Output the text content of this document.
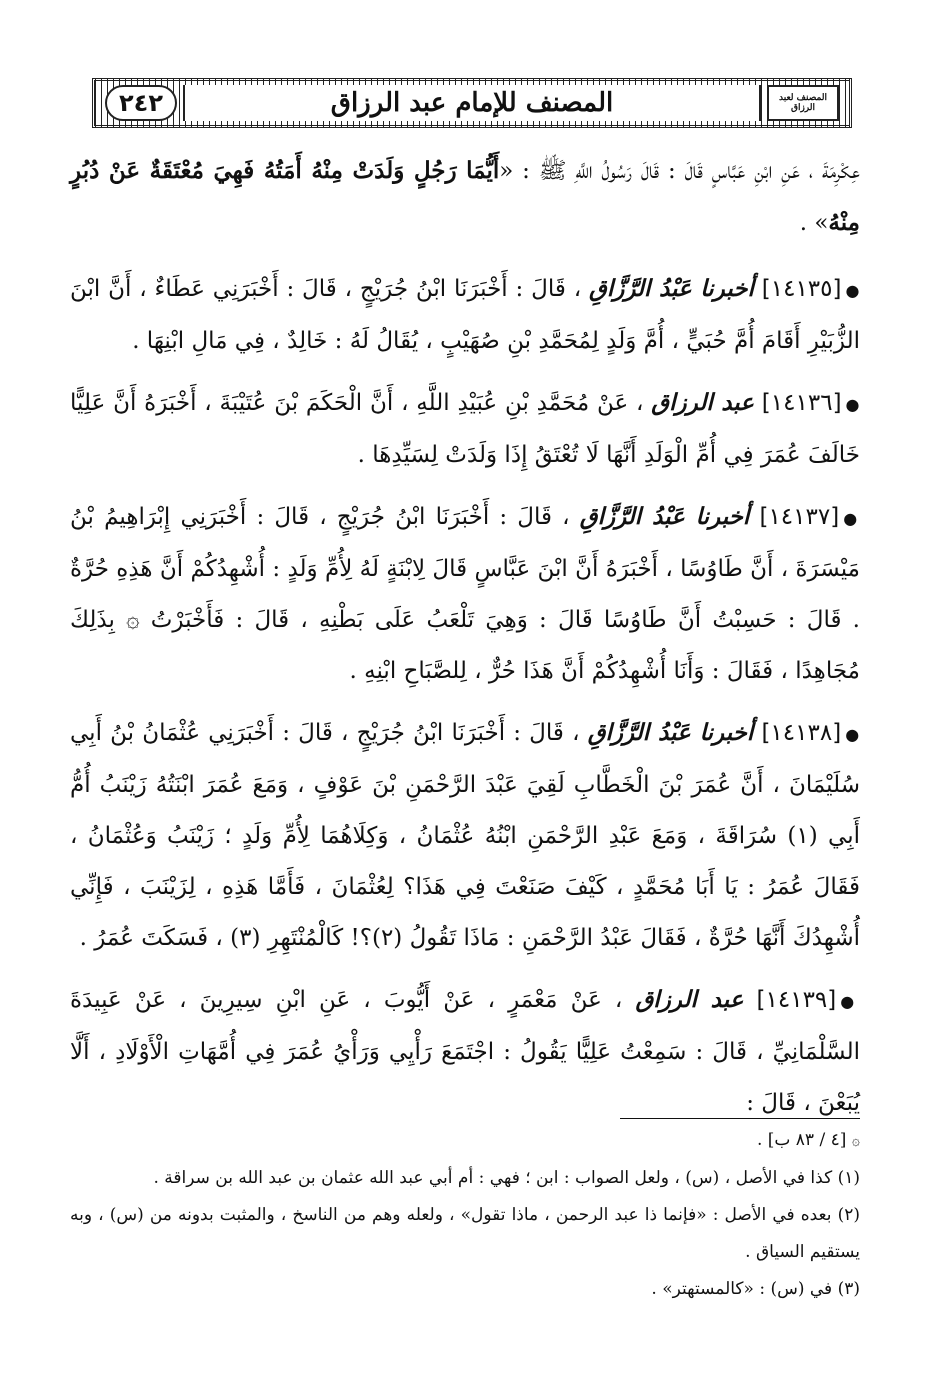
المصنف لعبد الرزاق
المصنف للإمام عبد الرزاق
٢٤٢

عِكْرِمَةَ ، عَنِ ابْنِ عَبَّاسٍ قَالَ : قَالَ رَسُولُ اللَّهِ ﷺ : «أَيُّمَا رَجُلٍ وَلَدَتْ مِنْهُ أَمَتُهُ فَهِيَ مُعْتَقَةٌ عَنْ دُبُرٍ مِنْهُ» .

●[١٤١٣٥] أخبرنا عَبْدُ الرَّزَّاقِ ، قَالَ : أَخْبَرَنَا ابْنُ جُرَيْجٍ ، قَالَ : أَخْبَرَنِي عَطَاءٌ ، أَنَّ ابْنَ الزُّبَيْرِ أَقَامَ أُمَّ حُبَيٍّ ، أُمَّ وَلَدٍ لِمُحَمَّدِ بْنِ صُهَيْبٍ ، يُقَالُ لَهُ : خَالِدٌ ، فِي مَالِ ابْنِهَا .

●[١٤١٣٦] عبد الرزاق ، عَنْ مُحَمَّدِ بْنِ عُبَيْدِ اللَّهِ ، أَنَّ الْحَكَمَ بْنَ عُتَيْبَةَ ، أَخْبَرَهُ أَنَّ عَلِيًّا خَالَفَ عُمَرَ فِي أُمِّ الْوَلَدِ أَنَّهَا لَا تُعْتَقُ إِذَا وَلَدَتْ لِسَيِّدِهَا .

●[١٤١٣٧] أخبرنا عَبْدُ الرَّزَّاقِ ، قَالَ : أَخْبَرَنَا ابْنُ جُرَيْجٍ ، قَالَ : أَخْبَرَنِي إِبْرَاهِيمُ بْنُ مَيْسَرَةَ ، أَنَّ طَاوُسًا ، أَخْبَرَهُ أَنَّ ابْنَ عَبَّاسٍ قَالَ لِابْنَةٍ لَهُ لِأُمِّ وَلَدٍ : أُشْهِدُكُمْ أَنَّ هَذِهِ حُرَّةٌ . قَالَ : حَسِبْتُ أَنَّ طَاوُسًا قَالَ : وَهِيَ تَلْعَبُ عَلَى بَطْنِهِ ، قَالَ : فَأَخْبَرْتُ ۞ بِذَلِكَ مُجَاهِدًا ، فَقَالَ : وَأَنَا أُشْهِدُكُمْ أَنَّ هَذَا حُرٌّ ، لِلصَّبَاحِ ابْنِهِ .

●[١٤١٣٨] أخبرنا عَبْدُ الرَّزَّاقِ ، قَالَ : أَخْبَرَنَا ابْنُ جُرَيْجٍ ، قَالَ : أَخْبَرَنِي عُثْمَانُ بْنُ أَبِي سُلَيْمَانَ ، أَنَّ عُمَرَ بْنَ الْخَطَّابِ لَقِيَ عَبْدَ الرَّحْمَنِ بْنَ عَوْفٍ ، وَمَعَ عُمَرَ ابْنَتُهُ زَيْنَبُ أُمُّ أَبِي (١) سُرَاقَةَ ، وَمَعَ عَبْدِ الرَّحْمَنِ ابْنُهُ عُثْمَانُ ، وَكِلَاهُمَا لِأُمِّ وَلَدٍ ؛ زَيْنَبُ وَعُثْمَانُ ، فَقَالَ عُمَرُ : يَا أَبَا مُحَمَّدٍ ، كَيْفَ صَنَعْتَ فِي هَذَا؟ لِعُثْمَانَ ، فَأَمَّا هَذِهِ ، لِزَيْنَبَ ، فَإِنِّي أُشْهِدُكَ أَنَّهَا حُرَّةٌ ، فَقَالَ عَبْدُ الرَّحْمَنِ : مَاذَا تَقُولُ (٢)؟! كَالْمُنْتَهِرِ (٣) ، فَسَكَتَ عُمَرُ .

●[١٤١٣٩] عبد الرزاق ، عَنْ مَعْمَرٍ ، عَنْ أَيُّوبَ ، عَنِ ابْنِ سِيرِينَ ، عَنْ عَبِيدَةَ السَّلْمَانِيِّ ، قَالَ : سَمِعْتُ عَلِيًّا يَقُولُ : اجْتَمَعَ رَأْيِي وَرَأْيُ عُمَرَ فِي أُمَّهَاتِ الْأَوْلَادِ ، أَلَّا يُبَعْنَ ، قَالَ :

۞ [٤ / ٨٣ ب] .

(١) كذا في الأصل ، (س) ، ولعل الصواب : ابن ؛ فهي : أم أبي عبد الله عثمان بن عبد الله بن سراقة .

(٢) بعده في الأصل : «فإنما ذا عبد الرحمن ، ماذا تقول» ، ولعله وهم من الناسخ ، والمثبت بدونه من (س) ، وبه يستقيم السياق .

(٣) في (س) : «كالمستهتر» .
